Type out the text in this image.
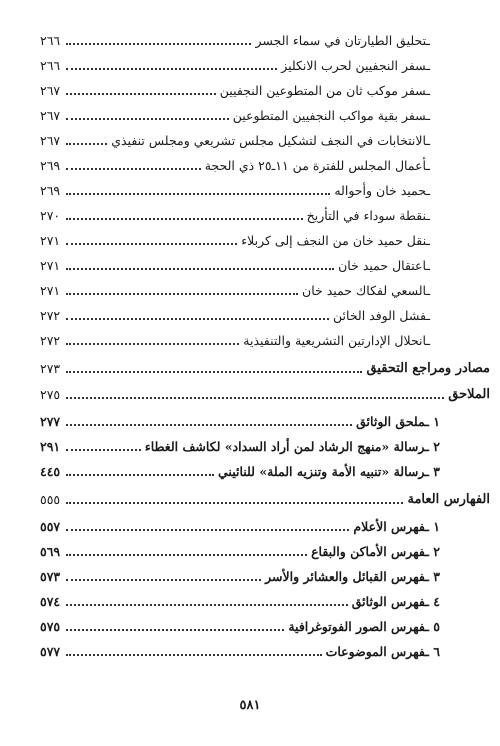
ـتحليق الطيارتان في سماء الجسر
٢٦٦
ـسفر النجفيين لحرب الانكليز
٢٦٦
ـسفر موكب ثان من المتطوعين النجفيين
٢٦٧
ـسفر بقية مواكب النجفيين المتطوعين
٢٦٧
ـالانتخابات في النجف لتشكيل مجلس تشريعي ومجلس تنفيذي
٢٦٧
ـأعمال المجلس للفترة من ١١ـ٢٥ ذي الحجة
٢٦٩
ـحميد خان وأحواله
٢٦٩
ـنقطة سوداء في التأريخ
٢٧٠
ـنقل حميد خان من النجف إلى كربلاء
٢٧١
ـاعتقال حميد خان
٢٧١
ـالسعي لفكاك حميد خان
٢٧١
ـفشل الوفد الخائن
٢٧٢
ـانحلال الإدارتين التشريعية والتنفيذية
٢٧٢
مصادر ومراجع التحقيق
٢٧٣
الملاحق
٢٧٥
١ ـملحق الوثائق
٢٧٧
٢ ـرسالة «منهج الرشاد لمن أراد السداد» لكاشف الغطاء
٢٩١
٣ ـرسالة «تنبيه الأمة وتنزيه الملة» للنائيني
٤٤٥
الفهارس العامة
٥٥٥
١ ـفهرس الأعلام
٥٥٧
٢ ـفهرس الأماكن والبقاع
٥٦٩
٣ ـفهرس القبائل والعشائر والأسر
٥٧٣
٤ ـفهرس الوثائق
٥٧٤
٥ ـفهرس الصور الفوتوغرافية
٥٧٥
٦ ـفهرس الموضوعات
٥٧٧
٥٨١
